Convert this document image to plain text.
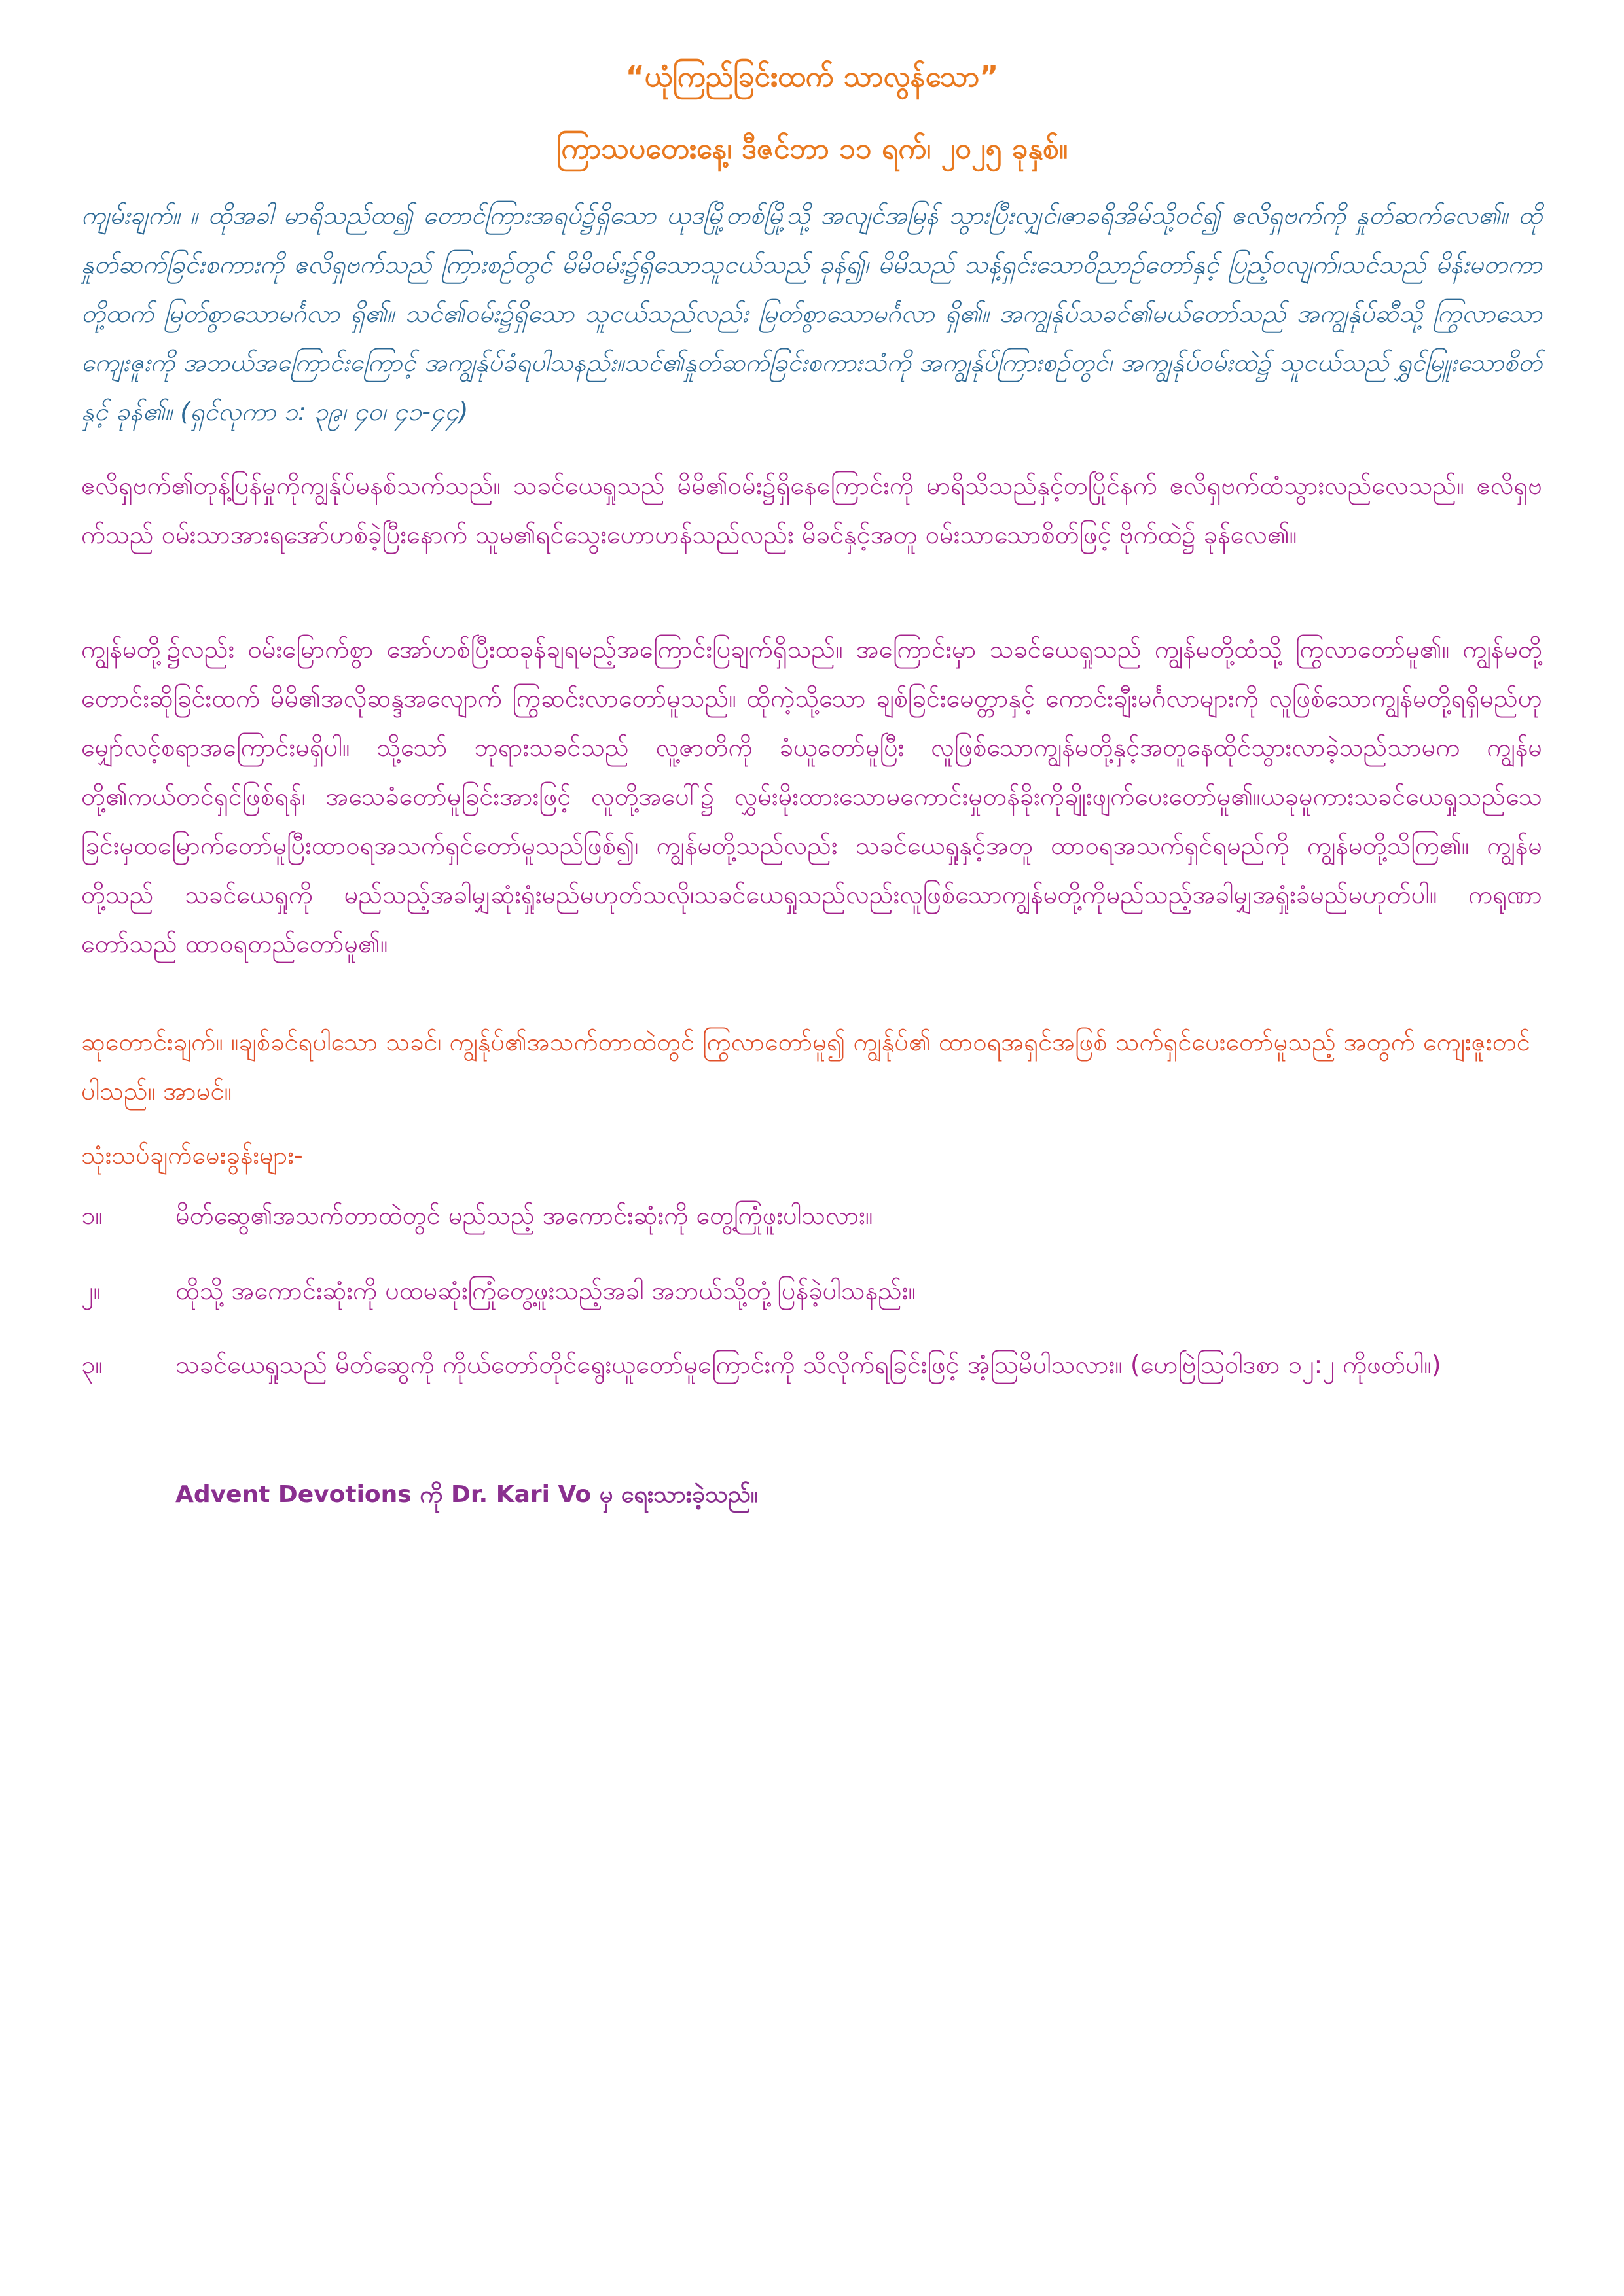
“ယုံကြည်ခြင်းထက် သာလွန်သော”
ကြာသပတေးနေ့၊ ဒီဇင်ဘာ ၁၁ ရက်၊ ၂၀၂၅ ခုနှစ်။

ကျမ်းချက်။ ။ ထိုအခါ မာရိသည်ထ၍ တောင်ကြားအရပ်၌ရှိသော ယုဒမြို့တစ်မြို့သို့ အလျင်အမြန် သွားပြီးလျှင်၊ဇာခရိအိမ်သို့ဝင်၍ ဧလိရှဗက်ကို နှုတ်ဆက်လေ၏။ ထိုနှုတ်ဆက်ခြင်းစကားကို ဧလိရှဗက်သည် ကြားစဉ်တွင် မိမိဝမ်း၌ရှိသောသူငယ်သည် ခုန်၍၊ မိမိသည် သန့်ရှင်းသောဝိညာဉ်တော်နှင့် ပြည့်ဝလျက်၊သင်သည် မိန်းမတကာတို့ထက် မြတ်စွာသောမင်္ဂလာ ရှိ၏။ သင်၏ဝမ်း၌ရှိသော သူငယ်သည်လည်း မြတ်စွာသောမင်္ဂလာ ရှိ၏။ အကျွန်ုပ်သခင်၏မယ်တော်သည် အကျွန်ုပ်ဆီသို့ ကြွလာသောကျေးဇူးကို အဘယ်အကြောင်းကြောင့် အကျွန်ုပ်ခံရပါသနည်း။သင်၏နှုတ်ဆက်ခြင်းစကားသံကို အကျွန်ုပ်ကြားစဉ်တွင်၊ အကျွန်ုပ်ဝမ်းထဲ၌ သူငယ်သည် ရွှင်မြူးသောစိတ်နှင့် ခုန်၏။ (ရှင်လုကာ ၁: ၃၉၊ ၄၀၊ ၄၁-၄၄)

ဧလိရှဗက်၏တုန့်ပြန်မှုကိုကျွန်ုပ်မနစ်သက်သည်။ သခင်ယေရှုသည် မိမိ၏ဝမ်း၌ရှိနေကြောင်းကို မာရိသိသည်နှင့်တပြိုင်နက် ဧလိရှဗက်ထံသွားလည်လေသည်။ ဧလိရှဗက်သည် ဝမ်းသာအားရအော်ဟစ်ခဲ့ပြီးနောက် သူမ၏ရင်သွေးဟောဟန်သည်လည်း မိခင်နှင့်အတူ ဝမ်းသာသောစိတ်ဖြင့် ဗိုက်ထဲ၌ ခုန်လေ၏။

ကျွန်မတို့၌လည်း ဝမ်းမြောက်စွာ အော်ဟစ်ပြီးထခုန်ချရမည့်အကြောင်းပြချက်ရှိသည်။ အကြောင်းမှာ သခင်ယေရှုသည် ကျွန်မတို့ထံသို့ ကြွလာတော်မူ၏။ ကျွန်မတို့ တောင်းဆိုခြင်းထက် မိမိ၏အလိုဆန္ဒအလျောက် ကြွဆင်းလာတော်မူသည်။ ထိုကဲ့သို့သော ချစ်ခြင်းမေတ္တာနှင့် ကောင်းချီးမင်္ဂလာများကို လူဖြစ်သောကျွန်မတို့ရရှိမည်ဟု မျှော်လင့်စရာအကြောင်းမရှိပါ။ သို့သော် ဘုရားသခင်သည် လူ့ဇာတိကို ခံယူတော်မူပြီး လူဖြစ်သောကျွန်မတို့နှင့်အတူနေထိုင်သွားလာခဲ့သည်သာမက ကျွန်မတို့၏ကယ်တင်ရှင်ဖြစ်ရန်၊ အသေခံတော်မူခြင်းအားဖြင့် လူတို့အပေါ်၌ လွှမ်းမိုးထားသောမကောင်းမှုတန်ခိုးကိုချိုးဖျက်ပေးတော်မူ၏။ယခုမူကားသခင်ယေရှုသည်သေခြင်းမှထမြောက်တော်မူပြီးထာဝရအသက်ရှင်တော်မူသည်ဖြစ်၍၊ ကျွန်မတို့သည်လည်း သခင်ယေရှုနှင့်အတူ ထာဝရအသက်ရှင်ရမည်ကို ကျွန်မတို့သိကြ၏။ ကျွန်မတို့သည် သခင်ယေရှုကို မည်သည့်အခါမျှဆုံးရှုံးမည်မဟုတ်သလို၊သခင်ယေရှုသည်လည်းလူဖြစ်သောကျွန်မတို့ကိုမည်သည့်အခါမျှအရှုံးခံမည်မဟုတ်ပါ။ ကရုဏာတော်သည် ထာဝရတည်တော်မူ၏။

ဆုတောင်းချက်။ ။ချစ်ခင်ရပါသော သခင်၊ ကျွန်ုပ်၏အသက်တာထဲတွင် ကြွလာတော်မူ၍ ကျွန်ုပ်၏ ထာဝရအရှင်အဖြစ် သက်ရှင်ပေးတော်မူသည့် အတွက် ကျေးဇူးတင်ပါသည်။ အာမင်။

သုံးသပ်ချက်မေးခွန်းများ-

၁။	မိတ်ဆွေ၏အသက်တာထဲတွင် မည်သည့် အကောင်းဆုံးကို တွေ့ကြုံဖူးပါသလား။
၂။	ထိုသို့ အကောင်းဆုံးကို ပထမဆုံးကြုံတွေ့ဖူးသည့်အခါ အဘယ်သို့တုံ့ပြန်ခဲ့ပါသနည်း။
၃။	သခင်ယေရှုသည် မိတ်ဆွေကို ကိုယ်တော်တိုင်ရွေးယူတော်မူကြောင်းကို သိလိုက်ရခြင်းဖြင့် အံ့သြမိပါသလား။ (ဟေဗြဲသြဝါဒစာ ၁၂:၂ ကိုဖတ်ပါ။)

Advent Devotions ကို Dr. Kari Vo မှ ရေးသားခဲ့သည်။
